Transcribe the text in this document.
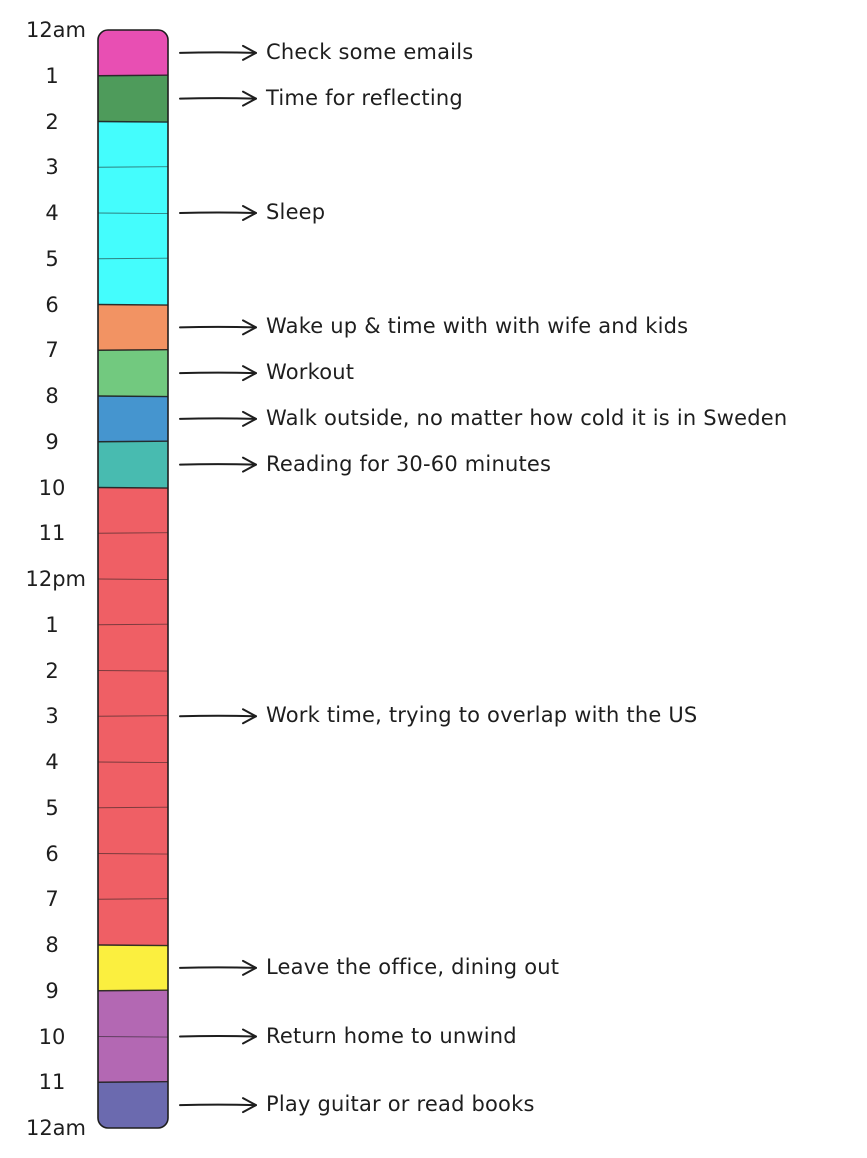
12am
1
2
3
4
5
6
7
8
9
10
11
12pm
1
2
3
4
5
6
7
8
9
10
11
12am
Check some emails
Time for reflecting
Sleep
Wake up & time with with wife and kids
Workout
Walk outside, no matter how cold it is in Sweden
Reading for 30-60 minutes
Work time, trying to overlap with the US
Leave the office, dining out
Return home to unwind
Play guitar or read books
